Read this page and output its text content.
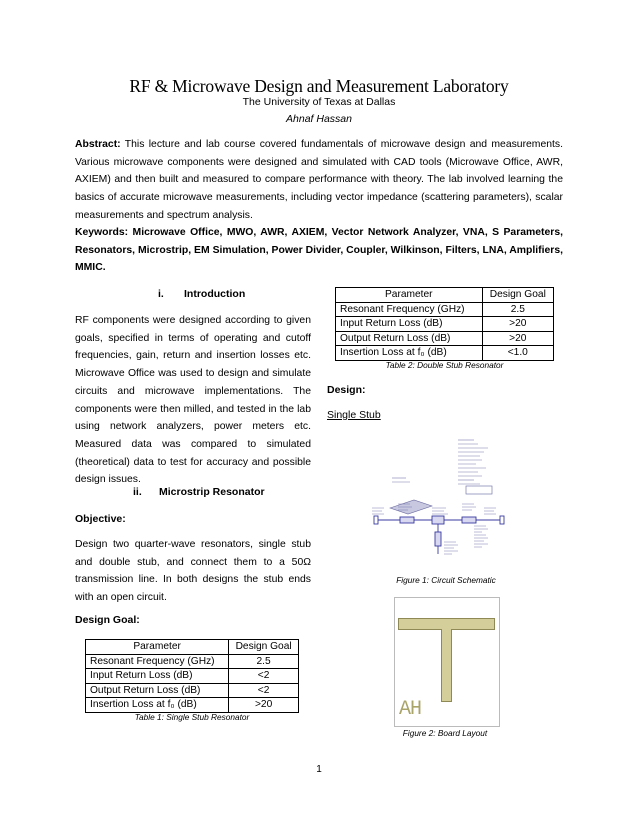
RF & Microwave Design and Measurement Laboratory
The University of Texas at Dallas
Ahnaf Hassan
Abstract: This lecture and lab course covered fundamentals of microwave design and measurements. Various microwave components were designed and simulated with CAD tools (Microwave Office, AWR, AXIEM) and then built and measured to compare performance with theory. The lab involved learning the basics of accurate microwave measurements, including vector impedance (scattering parameters), scalar measurements and spectrum analysis.
Keywords: Microwave Office, MWO, AWR, AXIEM, Vector Network Analyzer, VNA, S Parameters, Resonators, Microstrip, EM Simulation, Power Divider, Coupler, Wilkinson, Filters, LNA, Amplifiers, MMIC.
i. Introduction
RF components were designed according to given goals, specified in terms of operating and cutoff frequencies, gain, return and insertion losses etc. Microwave Office was used to design and simulate circuits and microwave implementations. The components were then milled, and tested in the lab using network analyzers, power meters etc. Measured data was compared to simulated (theoretical) data to test for accuracy and possible design issues.
ii. Microstrip Resonator
Objective:
Design two quarter-wave resonators, single stub and double stub, and connect them to a 50Ω transmission line. In both designs the stub ends with an open circuit.
Design Goal:
Parameter	Design Goal
Resonant Frequency (GHz)	2.5
Input Return Loss (dB)	<2
Output Return Loss (dB)	<2
Insertion Loss at f₀ (dB)	>20
Table 1: Single Stub Resonator
Parameter	Design Goal
Resonant Frequency (GHz)	2.5
Input Return Loss (dB)	>20
Output Return Loss (dB)	>20
Insertion Loss at f₀ (dB)	<1.0
Table 2: Double Stub Resonator
Design:
Single Stub
Figure 1: Circuit Schematic
AH
Figure 2: Board Layout
1
